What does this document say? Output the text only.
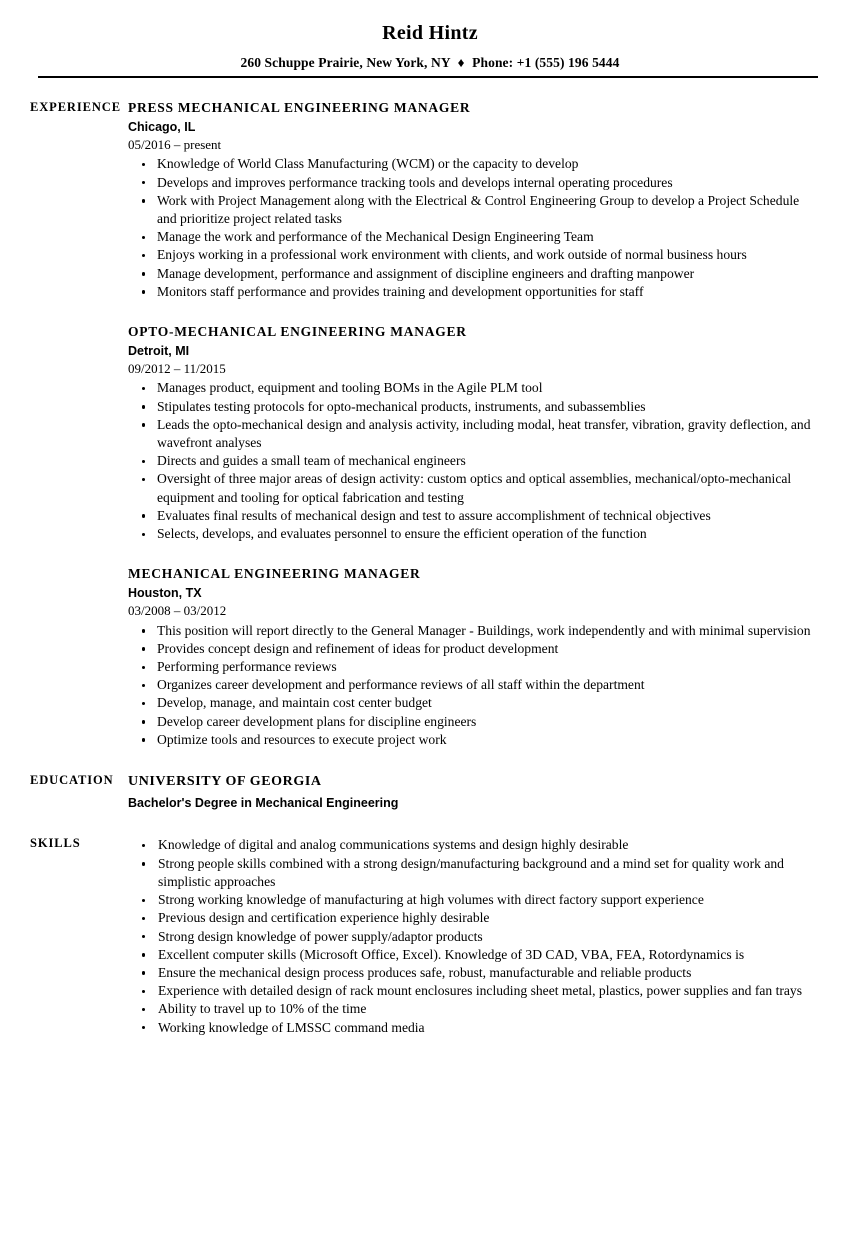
Reid Hintz
260 Schuppe Prairie, New York, NY ♦ Phone: +1 (555) 196 5444
EXPERIENCE PRESS MECHANICAL ENGINEERING MANAGER
Chicago, IL
05/2016 – present
Knowledge of World Class Manufacturing (WCM) or the capacity to develop
Develops and improves performance tracking tools and develops internal operating procedures
Work with Project Management along with the Electrical & Control Engineering Group to develop a Project Schedule and prioritize project related tasks
Manage the work and performance of the Mechanical Design Engineering Team
Enjoys working in a professional work environment with clients, and work outside of normal business hours
Manage development, performance and assignment of discipline engineers and drafting manpower
Monitors staff performance and provides training and development opportunities for staff
OPTO-MECHANICAL ENGINEERING MANAGER
Detroit, MI
09/2012 – 11/2015
Manages product, equipment and tooling BOMs in the Agile PLM tool
Stipulates testing protocols for opto-mechanical products, instruments, and subassemblies
Leads the opto-mechanical design and analysis activity, including modal, heat transfer, vibration, gravity deflection, and wavefront analyses
Directs and guides a small team of mechanical engineers
Oversight of three major areas of design activity: custom optics and optical assemblies, mechanical/opto-mechanical equipment and tooling for optical fabrication and testing
Evaluates final results of mechanical design and test to assure accomplishment of technical objectives
Selects, develops, and evaluates personnel to ensure the efficient operation of the function
MECHANICAL ENGINEERING MANAGER
Houston, TX
03/2008 – 03/2012
This position will report directly to the General Manager - Buildings, work independently and with minimal supervision
Provides concept design and refinement of ideas for product development
Performing performance reviews
Organizes career development and performance reviews of all staff within the department
Develop, manage, and maintain cost center budget
Develop career development plans for discipline engineers
Optimize tools and resources to execute project work
EDUCATION	UNIVERSITY OF GEORGIA
Bachelor's Degree in Mechanical Engineering
SKILLS	Knowledge of digital and analog communications systems and design highly desirable
Strong people skills combined with a strong design/manufacturing background and a mind set for quality work and simplistic approaches
Strong working knowledge of manufacturing at high volumes with direct factory support experience
Previous design and certification experience highly desirable
Strong design knowledge of power supply/adaptor products
Excellent computer skills (Microsoft Office, Excel). Knowledge of 3D CAD, VBA, FEA, Rotordynamics is
Ensure the mechanical design process produces safe, robust, manufacturable and reliable products
Experience with detailed design of rack mount enclosures including sheet metal, plastics, power supplies and fan trays
Ability to travel up to 10% of the time
Working knowledge of LMSSC command media
